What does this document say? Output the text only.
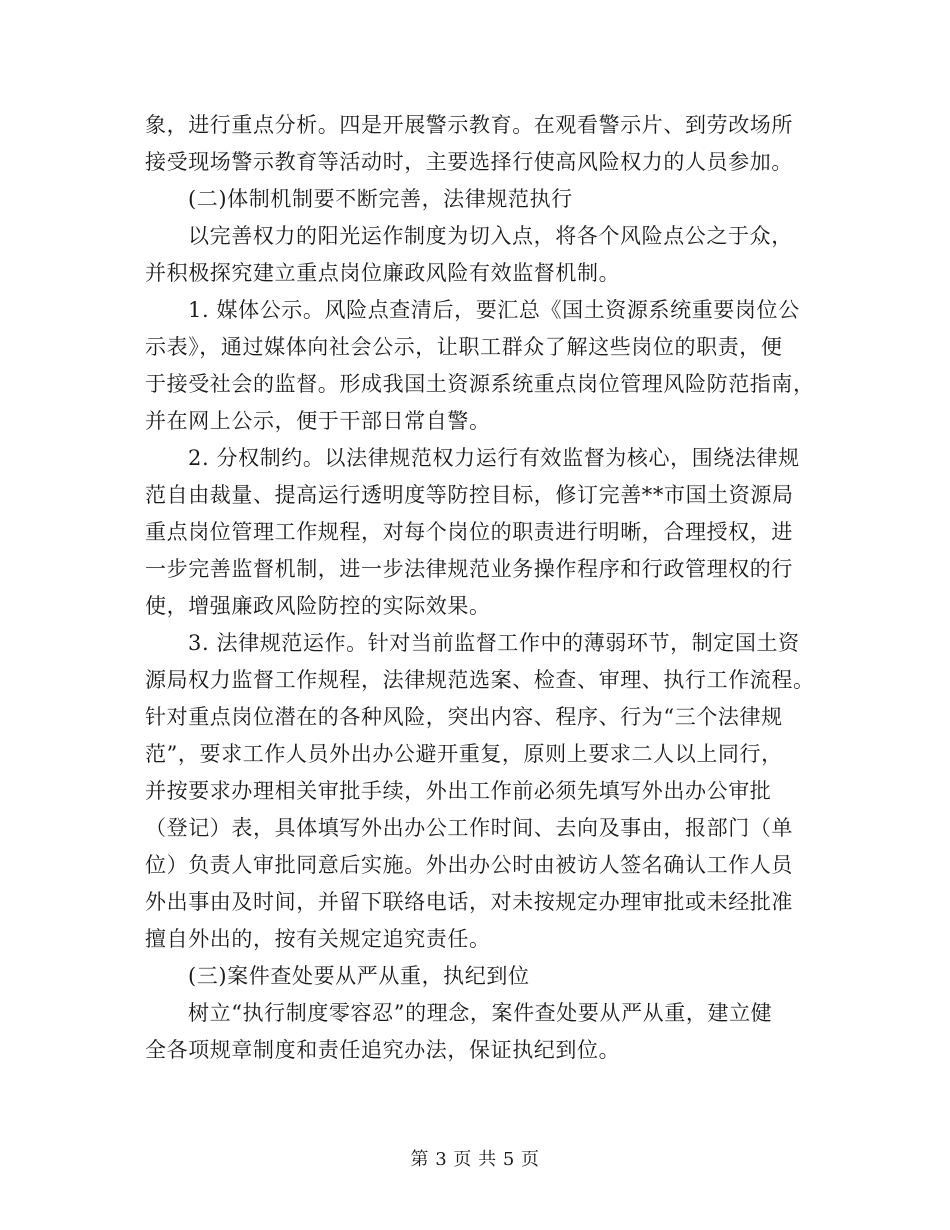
象，进行重点分析。四是开展警示教育。在观看警示片、到劳改场所
接受现场警示教育等活动时，主要选择行使高风险权力的人员参加。
(二)体制机制要不断完善，法律规范执行
以完善权力的阳光运作制度为切入点，将各个风险点公之于众，
并积极探究建立重点岗位廉政风险有效监督机制。
1. 媒体公示。风险点查清后，要汇总《国土资源系统重要岗位公
示表》，通过媒体向社会公示，让职工群众了解这些岗位的职责，便
于接受社会的监督。形成我国土资源系统重点岗位管理风险防范指南，
并在网上公示，便于干部日常自警。
2. 分权制约。以法律规范权力运行有效监督为核心，围绕法律规
范自由裁量、提高运行透明度等防控目标，修订完善**市国土资源局
重点岗位管理工作规程，对每个岗位的职责进行明晰，合理授权，进
一步完善监督机制，进一步法律规范业务操作程序和行政管理权的行
使，增强廉政风险防控的实际效果。
3. 法律规范运作。针对当前监督工作中的薄弱环节，制定国土资
源局权力监督工作规程，法律规范选案、检查、审理、执行工作流程。
针对重点岗位潜在的各种风险，突出内容、程序、行为“三个法律规
范”，要求工作人员外出办公避开重复，原则上要求二人以上同行，
并按要求办理相关审批手续，外出工作前必须先填写外出办公审批
（登记）表，具体填写外出办公工作时间、去向及事由，报部门（单
位）负责人审批同意后实施。外出办公时由被访人签名确认工作人员
外出事由及时间，并留下联络电话，对未按规定办理审批或未经批准
擅自外出的，按有关规定追究责任。
(三)案件查处要从严从重，执纪到位
树立“执行制度零容忍”的理念，案件查处要从严从重，建立健
全各项规章制度和责任追究办法，保证执纪到位。
第 3 页 共 5 页
